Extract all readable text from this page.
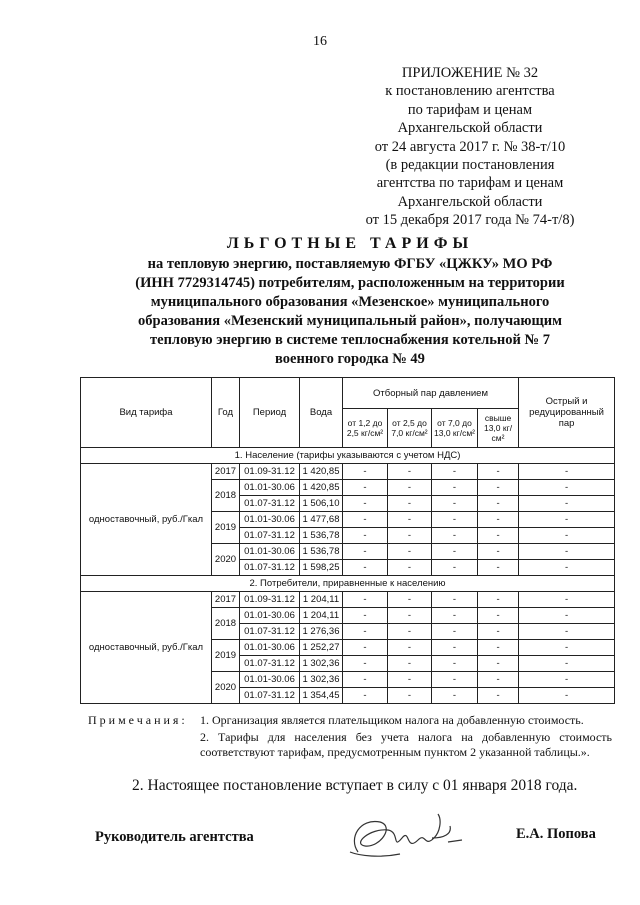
16
ПРИЛОЖЕНИЕ № 32
к постановлению агентства
по тарифам и ценам
Архангельской области
от 24 августа 2017 г. № 38-т/10
(в редакции постановления
агентства по тарифам и ценам
Архангельской области
от 15 декабря 2017 года № 74-т/8)
ЛЬГОТНЫЕ ТАРИФЫ
на тепловую энергию, поставляемую ФГБУ «ЦЖКУ» МО РФ
(ИНН 7729314745) потребителям, расположенным на территории
муниципального образования «Мезенское» муниципального
образования «Мезенский муниципальный район», получающим
тепловую энергию в системе теплоснабжения котельной № 7
военного городка № 49
Вид тарифа	Год	Период	Вода	Отборный пар давлением				Острый и редуцированный пар
				от 1,2 до 2,5 кг/см²	от 2,5 до 7,0 кг/см²	от 7,0 до 13,0 кг/см²	свыше 13,0 кг/см²	
1. Население (тарифы указываются с учетом НДС)								
одноставочный, руб./Гкал	2017	01.09-31.12	1 420,85	-	-	-	-	-
	2018	01.01-30.06	1 420,85	-	-	-	-	-
		01.07-31.12	1 506,10	-	-	-	-	-
	2019	01.01-30.06	1 477,68	-	-	-	-	-
		01.07-31.12	1 536,78	-	-	-	-	-
	2020	01.01-30.06	1 536,78	-	-	-	-	-
		01.07-31.12	1 598,25	-	-	-	-	-
2. Потребители, приравненные к населению								
одноставочный, руб./Гкал	2017	01.09-31.12	1 204,11	-	-	-	-	-
	2018	01.01-30.06	1 204,11	-	-	-	-	-
		01.07-31.12	1 276,36	-	-	-	-	-
	2019	01.01-30.06	1 252,27	-	-	-	-	-
		01.07-31.12	1 302,36	-	-	-	-	-
	2020	01.01-30.06	1 302,36	-	-	-	-	-
		01.07-31.12	1 354,45	-	-	-	-	-
Примечания: 1. Организация является плательщиком налога на добавленную стоимость.
2. Тарифы для населения без учета налога на добавленную стоимость соответствуют тарифам, предусмотренным пунктом 2 указанной таблицы.».
2. Настоящее постановление вступает в силу с 01 января 2018 года.
Руководитель агентства	Е.А. Попова
